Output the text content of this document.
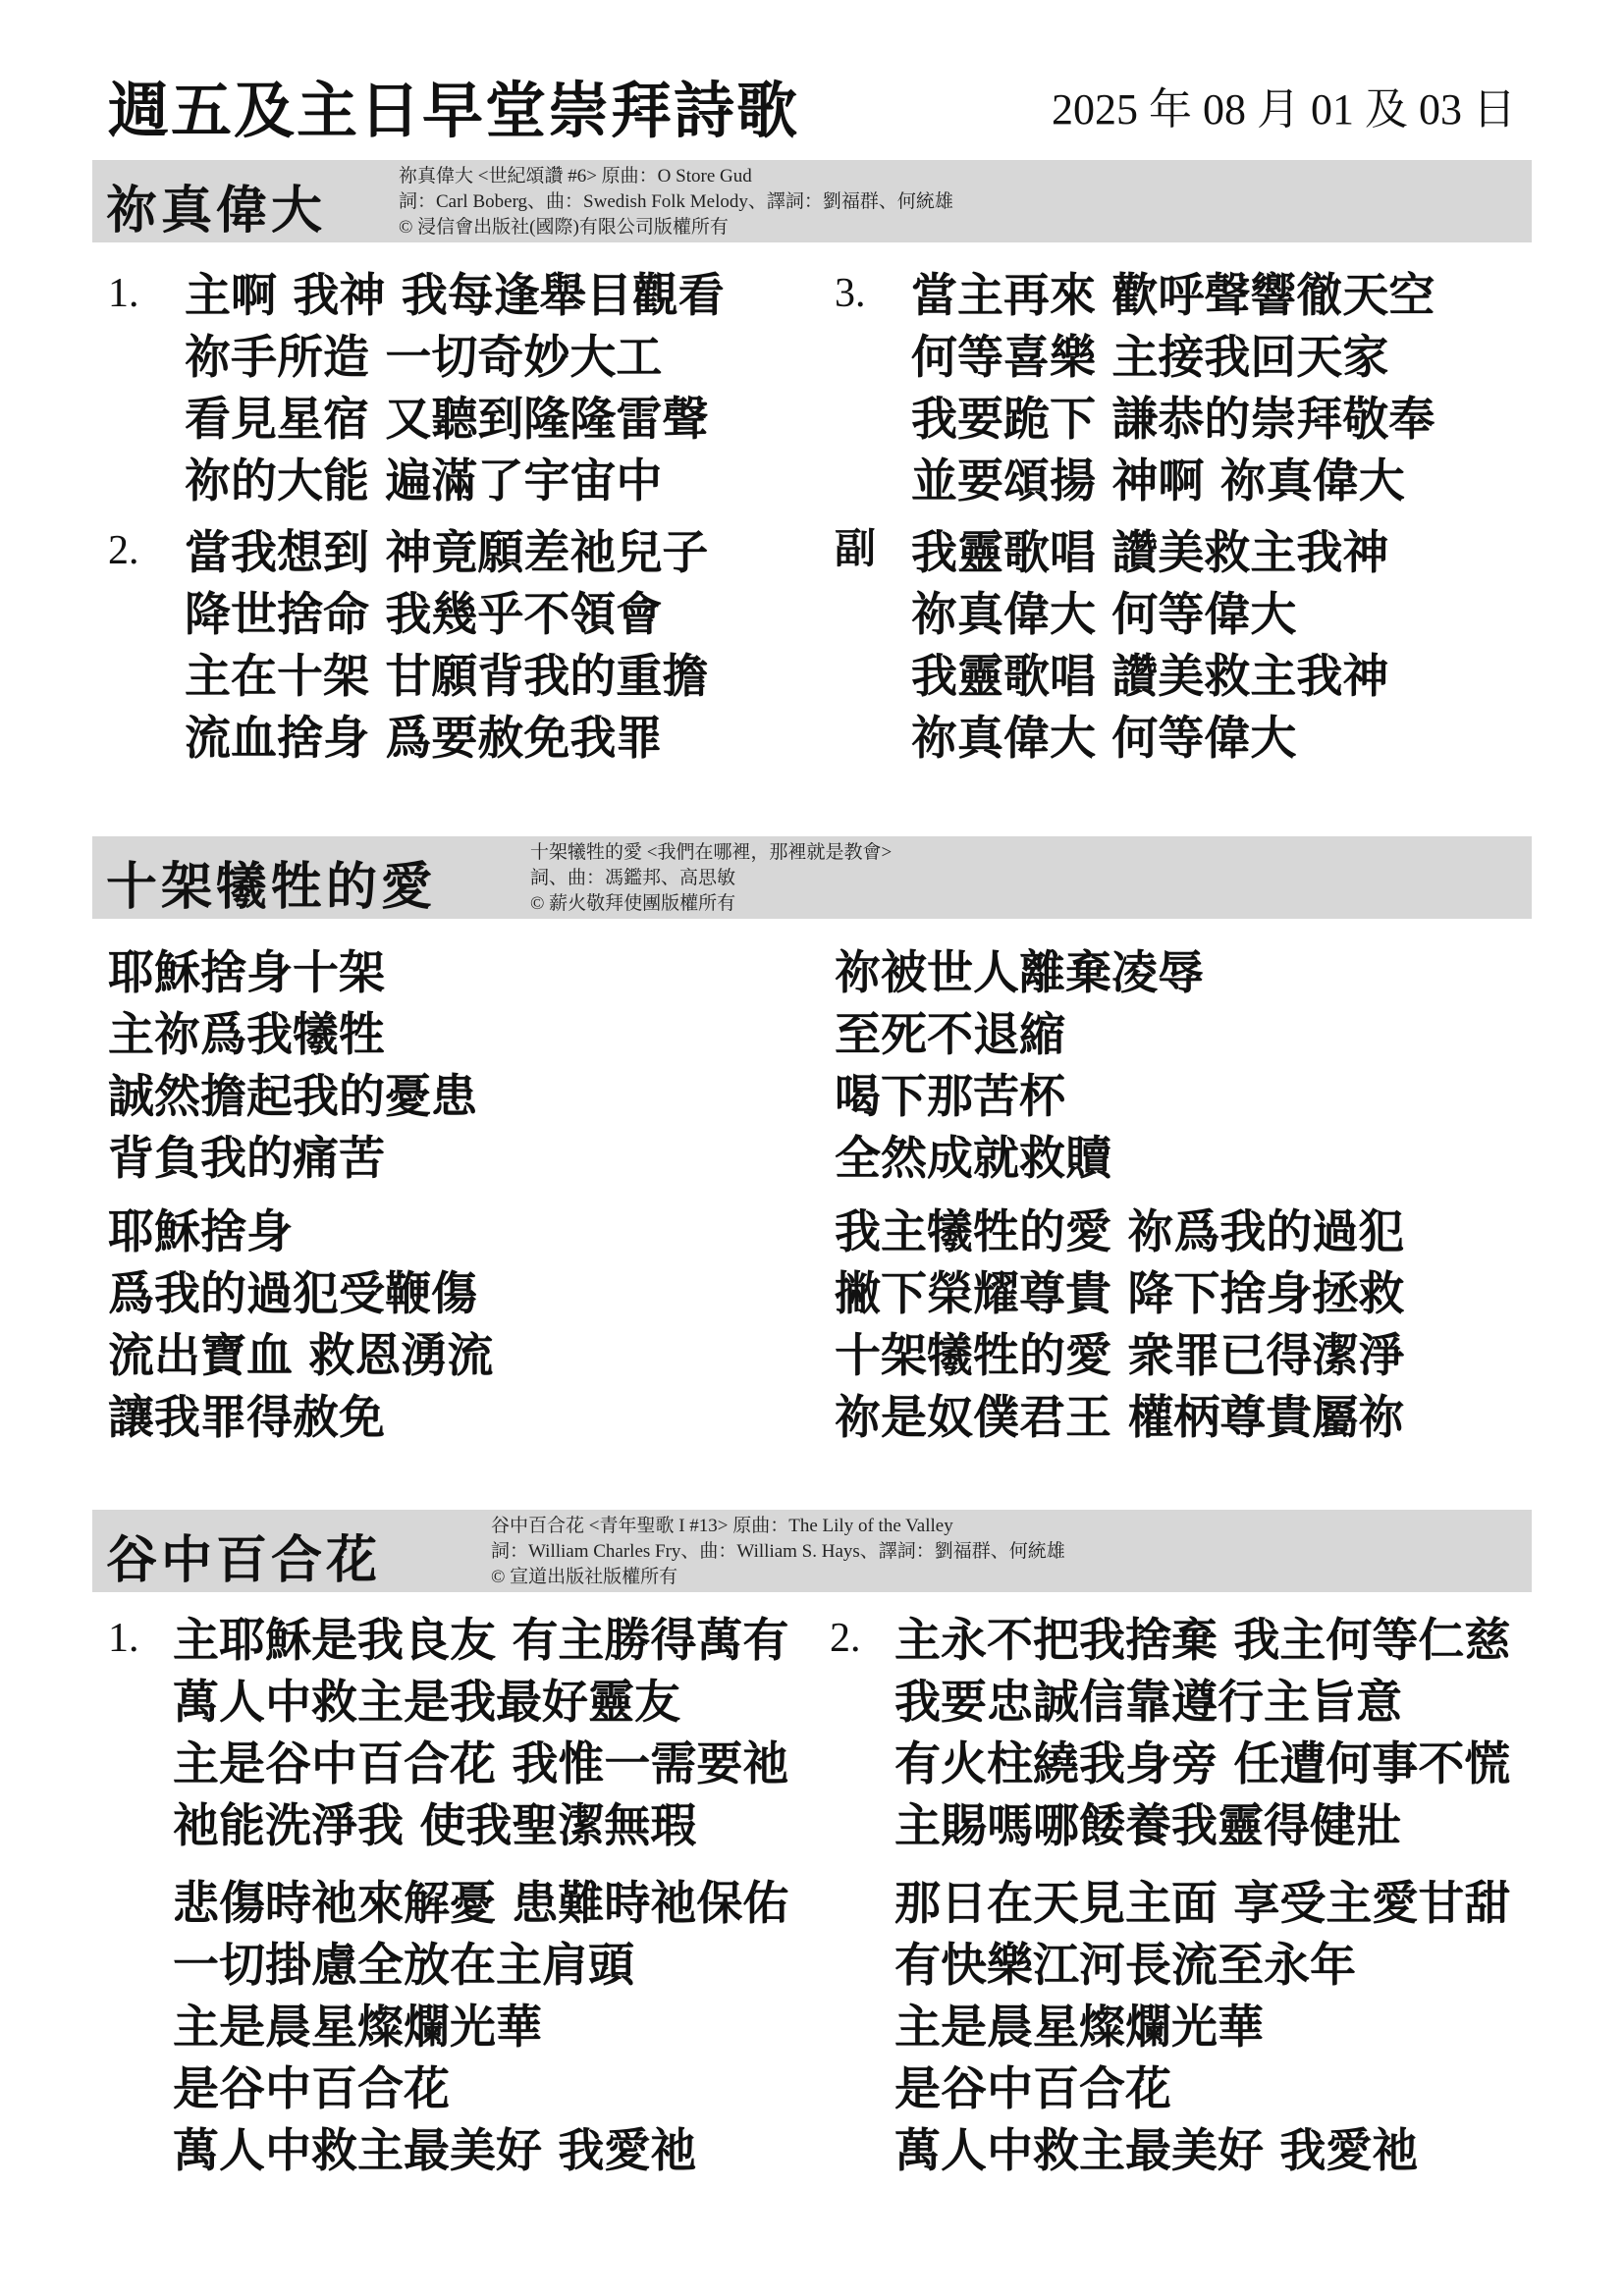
週五及主日早堂崇拜詩歌	2025 年 08 月 01 及 03 日
祢真偉大
祢真偉大 <世紀頌讚 #6> 原曲：O Store Gud
詞：Carl Boberg、曲：Swedish Folk Melody、譯詞：劉福群、何統雄
© 浸信會出版社(國際)有限公司版權所有
1. 主啊 我神 我每逢舉目觀看
祢手所造 一切奇妙大工
看見星宿 又聽到隆隆雷聲
祢的大能 遍滿了宇宙中
2. 當我想到 神竟願差祂兒子
降世捨命 我幾乎不領會
主在十架 甘願背我的重擔
流血捨身 爲要赦免我罪
3. 當主再來 歡呼聲響徹天空
何等喜樂 主接我回天家
我要跪下 謙恭的崇拜敬奉
並要頌揚 神啊 祢真偉大
副 我靈歌唱 讚美救主我神
祢真偉大 何等偉大
我靈歌唱 讚美救主我神
祢真偉大 何等偉大
十架犧牲的愛
十架犧牲的愛 <我們在哪裡，那裡就是教會>
詞、曲：馮鑑邦、高思敏
© 薪火敬拜使團版權所有
耶穌捨身十架
主祢爲我犧牲
誠然擔起我的憂患
背負我的痛苦
耶穌捨身
爲我的過犯受鞭傷
流出寶血 救恩湧流
讓我罪得赦免
祢被世人離棄凌辱
至死不退縮
喝下那苦杯
全然成就救贖
我主犧牲的愛 祢爲我的過犯
撇下榮耀尊貴 降下捨身拯救
十架犧牲的愛 衆罪已得潔淨
祢是奴僕君王 權柄尊貴屬祢
谷中百合花
谷中百合花 <青年聖歌 I #13> 原曲：The Lily of the Valley
詞：William Charles Fry、曲：William S. Hays、譯詞：劉福群、何統雄
© 宣道出版社版權所有
1. 主耶穌是我良友 有主勝得萬有
萬人中救主是我最好靈友
主是谷中百合花 我惟一需要祂
祂能洗淨我 使我聖潔無瑕
悲傷時祂來解憂 患難時祂保佑
一切掛慮全放在主肩頭
主是晨星燦爛光華
是谷中百合花
萬人中救主最美好 我愛祂
2. 主永不把我捨棄 我主何等仁慈
我要忠誠信靠遵行主旨意
有火柱繞我身旁 任遭何事不慌
主賜嗎哪餧養我靈得健壯
那日在天見主面 享受主愛甘甜
有快樂江河長流至永年
主是晨星燦爛光華
是谷中百合花
萬人中救主最美好 我愛祂
